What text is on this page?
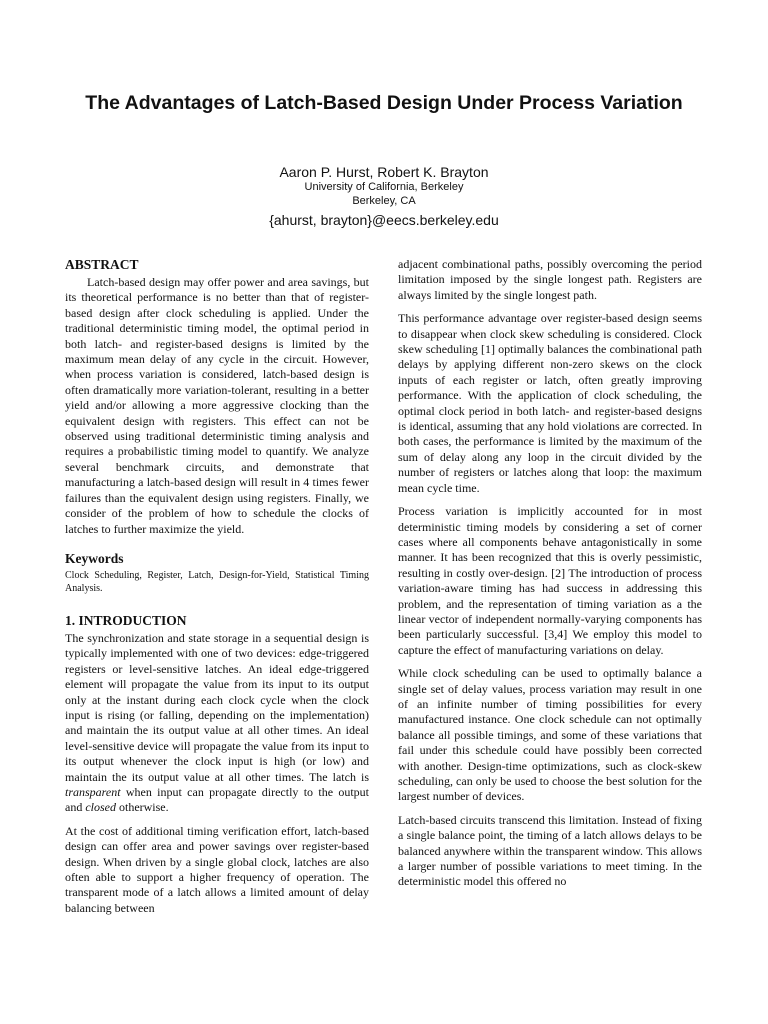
The Advantages of Latch-Based Design Under Process Variation
Aaron P. Hurst, Robert K. Brayton
University of California, Berkeley
Berkeley, CA
{ahurst, brayton}@eecs.berkeley.edu
ABSTRACT

Latch-based design may offer power and area savings, but its theoretical performance is no better than that of register-based design after clock scheduling is applied. Under the traditional deterministic timing model, the optimal period in both latch- and register-based designs is limited by the maximum mean delay of any cycle in the circuit. However, when process variation is considered, latch-based design is often dramatically more variation-tolerant, resulting in a better yield and/or allowing a more aggressive clocking than the equivalent design with registers. This effect can not be observed using traditional deterministic timing analysis and requires a probabilistic timing model to quantify. We analyze several benchmark circuits, and demonstrate that manufacturing a latch-based design will result in 4 times fewer failures than the equivalent design using registers. Finally, we consider of the problem of how to schedule the clocks of latches to further maximize the yield.

Keywords

Clock Scheduling, Register, Latch, Design-for-Yield, Statistical Timing Analysis.

1. INTRODUCTION

The synchronization and state storage in a sequential design is typically implemented with one of two devices: edge-triggered registers or level-sensitive latches. An ideal edge-triggered element will propagate the value from its input to its output only at the instant during each clock cycle when the clock input is rising (or falling, depending on the implementation) and maintain the its output value at all other times. An ideal level-sensitive device will propagate the value from its input to its output whenever the clock input is high (or low) and maintain the its output value at all other times. The latch is transparent when input can propagate directly to the output and closed otherwise.

At the cost of additional timing verification effort, latch-based design can offer area and power savings over register-based design. When driven by a single global clock, latches are also often able to support a higher frequency of operation. The transparent mode of a latch allows a limited amount of delay balancing between

adjacent combinational paths, possibly overcoming the period limitation imposed by the single longest path. Registers are always limited by the single longest path.

This performance advantage over register-based design seems to disappear when clock skew scheduling is considered. Clock skew scheduling [1] optimally balances the combinational path delays by applying different non-zero skews on the clock inputs of each register or latch, often greatly improving performance. With the application of clock scheduling, the optimal clock period in both latch- and register-based designs is identical, assuming that any hold violations are corrected. In both cases, the performance is limited by the maximum of the sum of delay along any loop in the circuit divided by the number of registers or latches along that loop: the maximum mean cycle time.

Process variation is implicitly accounted for in most deterministic timing models by considering a set of corner cases where all components behave antagonistically in some manner. It has been recognized that this is overly pessimistic, resulting in costly over-design. [2] The introduction of process variation-aware timing has had success in addressing this problem, and the representation of timing variation as a the linear vector of independent normally-varying components has been particularly successful. [3,4] We employ this model to capture the effect of manufacturing variations on delay.

While clock scheduling can be used to optimally balance a single set of delay values, process variation may result in one of an infinite number of timing possibilities for every manufactured instance. One clock schedule can not optimally balance all possible timings, and some of these variations that fail under this schedule could have possibly been corrected with another. Design-time optimizations, such as clock-skew scheduling, can only be used to choose the best solution for the largest number of devices.

Latch-based circuits transcend this limitation. Instead of fixing a single balance point, the timing of a latch allows delays to be balanced anywhere within the transparent window. This allows a larger number of possible variations to meet timing. In the deterministic model this offered no
